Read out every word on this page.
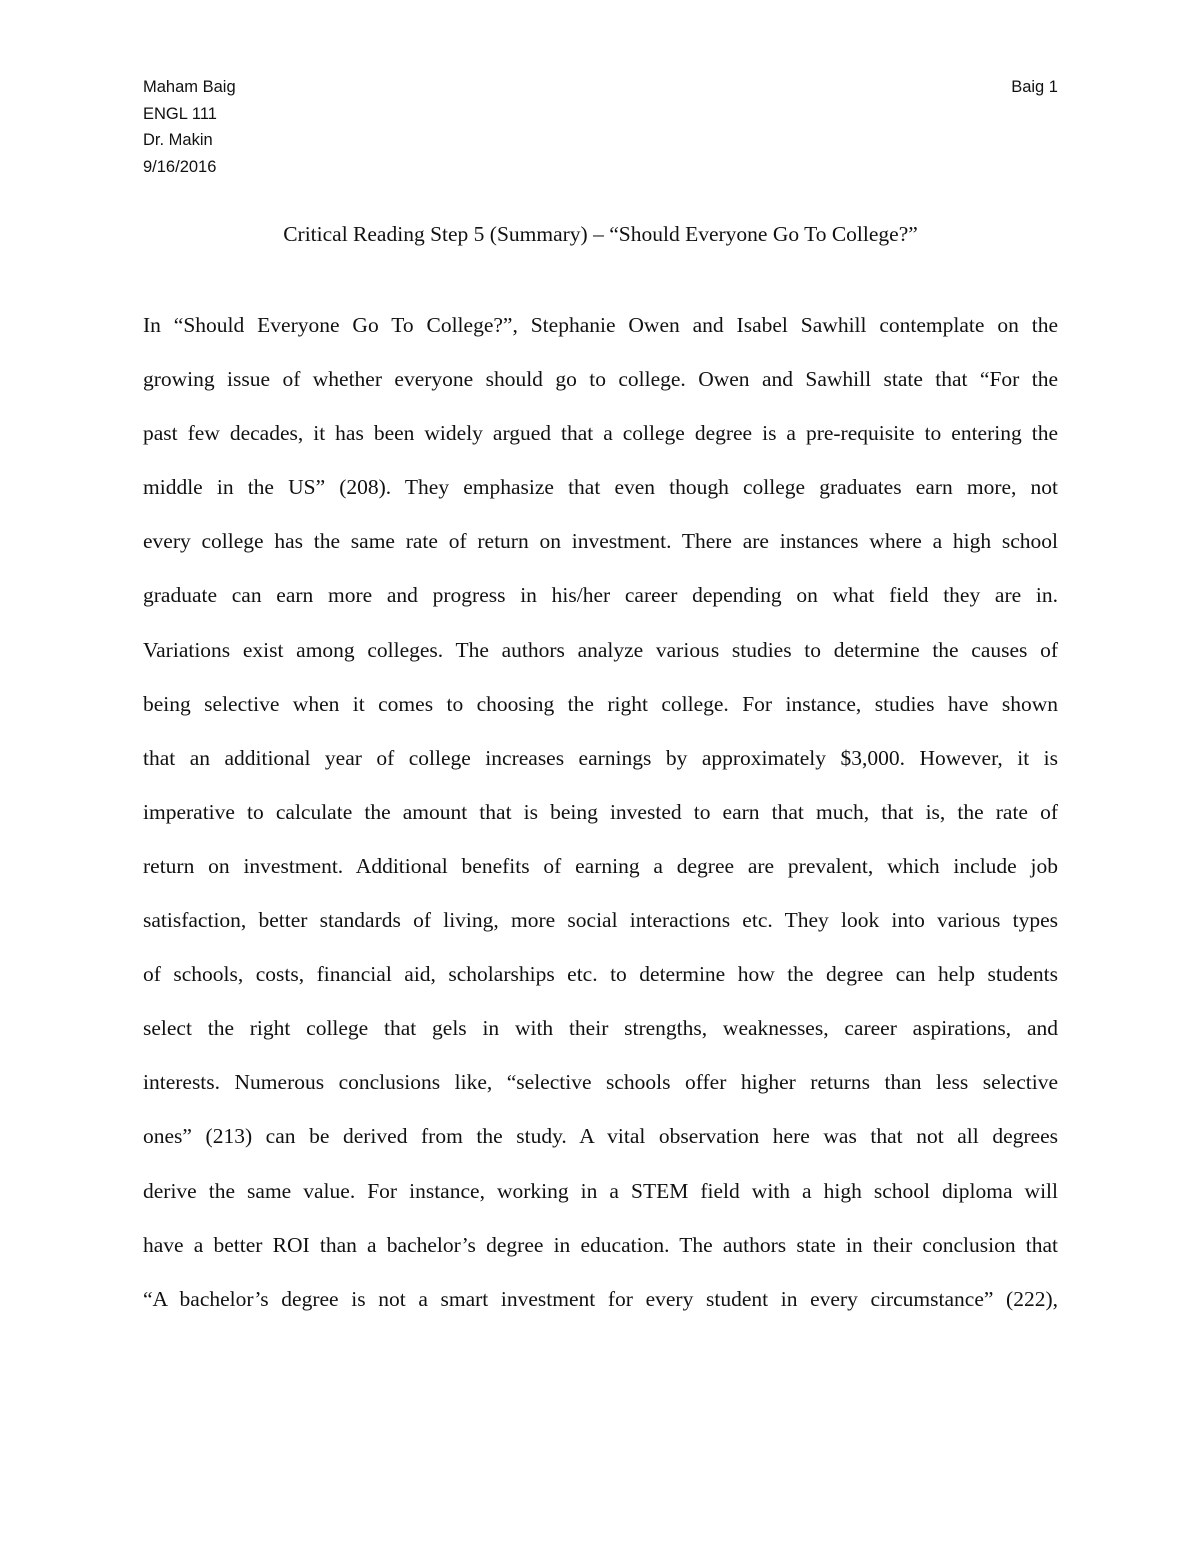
Maham Baig
ENGL 111
Dr. Makin
9/16/2016
Baig 1
Critical Reading Step 5 (Summary) – “Should Everyone Go To College?”
In “Should Everyone Go To College?”, Stephanie Owen and Isabel Sawhill contemplate on the
growing issue of whether everyone should go to college. Owen and Sawhill state that “For the
past few decades, it has been widely argued that a college degree is a pre-requisite to entering the
middle in the US” (208). They emphasize that even though college graduates earn more, not
every college has the same rate of return on investment. There are instances where a high school
graduate can earn more and progress in his/her career depending on what field they are in.
Variations exist among colleges. The authors analyze various studies to determine the causes of
being selective when it comes to choosing the right college. For instance, studies have shown
that an additional year of college increases earnings by approximately $3,000. However, it is
imperative to calculate the amount that is being invested to earn that much, that is, the rate of
return on investment. Additional benefits of earning a degree are prevalent, which include job
satisfaction, better standards of living, more social interactions etc. They look into various types
of schools, costs, financial aid, scholarships etc. to determine how the degree can help students
select the right college that gels in with their strengths, weaknesses, career aspirations, and
interests. Numerous conclusions like, “selective schools offer higher returns than less selective
ones” (213) can be derived from the study. A vital observation here was that not all degrees
derive the same value. For instance, working in a STEM field with a high school diploma will
have a better ROI than a bachelor’s degree in education. The authors state in their conclusion that
“A bachelor’s degree is not a smart investment for every student in every circumstance” (222),
